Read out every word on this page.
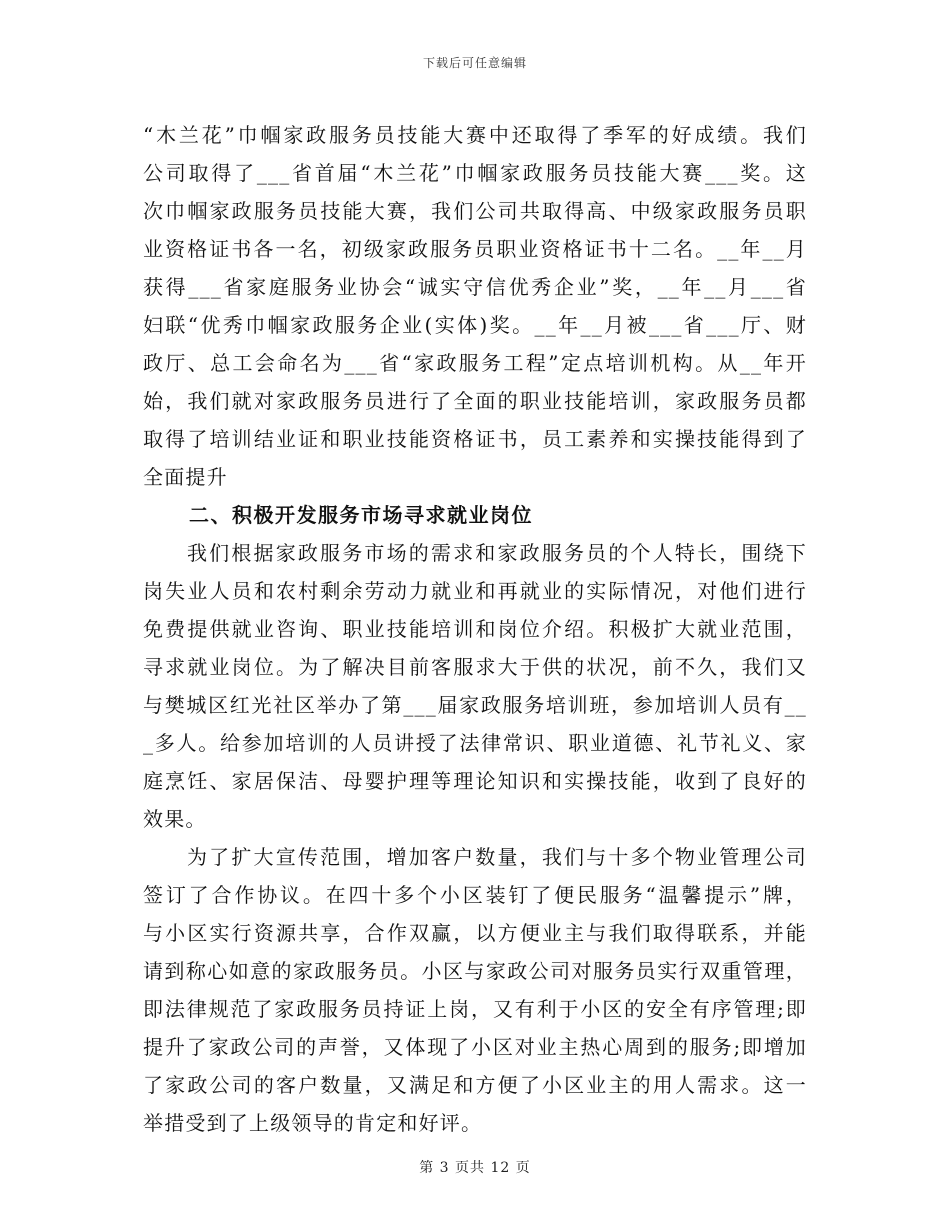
下载后可任意编辑
“木兰花”巾帼家政服务员技能大赛中还取得了季军的好成绩。我们
公司取得了___省首届“木兰花”巾帼家政服务员技能大赛___奖。这
次巾帼家政服务员技能大赛，我们公司共取得高、中级家政服务员职
业资格证书各一名，初级家政服务员职业资格证书十二名。__年__月
获得___省家庭服务业协会“诚实守信优秀企业”奖，__年__月___省
妇联“优秀巾帼家政服务企业(实体)奖。__年__月被___省___厅、财
政厅、总工会命名为___省“家政服务工程”定点培训机构。从__年开
始，我们就对家政服务员进行了全面的职业技能培训，家政服务员都
取得了培训结业证和职业技能资格证书，员工素养和实操技能得到了
全面提升
二、积极开发服务市场寻求就业岗位
我们根据家政服务市场的需求和家政服务员的个人特长，围绕下
岗失业人员和农村剩余劳动力就业和再就业的实际情况，对他们进行
免费提供就业咨询、职业技能培训和岗位介绍。积极扩大就业范围，
寻求就业岗位。为了解决目前客服求大于供的状况，前不久，我们又
与樊城区红光社区举办了第___届家政服务培训班，参加培训人员有__
_多人。给参加培训的人员讲授了法律常识、职业道德、礼节礼义、家
庭烹饪、家居保洁、母婴护理等理论知识和实操技能，收到了良好的
效果。
为了扩大宣传范围，增加客户数量，我们与十多个物业管理公司
签订了合作协议。在四十多个小区装钉了便民服务“温馨提示”牌，
与小区实行资源共享，合作双赢，以方便业主与我们取得联系，并能
请到称心如意的家政服务员。小区与家政公司对服务员实行双重管理，
即法律规范了家政服务员持证上岗，又有利于小区的安全有序管理;即
提升了家政公司的声誉，又体现了小区对业主热心周到的服务;即增加
了家政公司的客户数量，又满足和方便了小区业主的用人需求。这一
举措受到了上级领导的肯定和好评。
第 3 页共 12 页
